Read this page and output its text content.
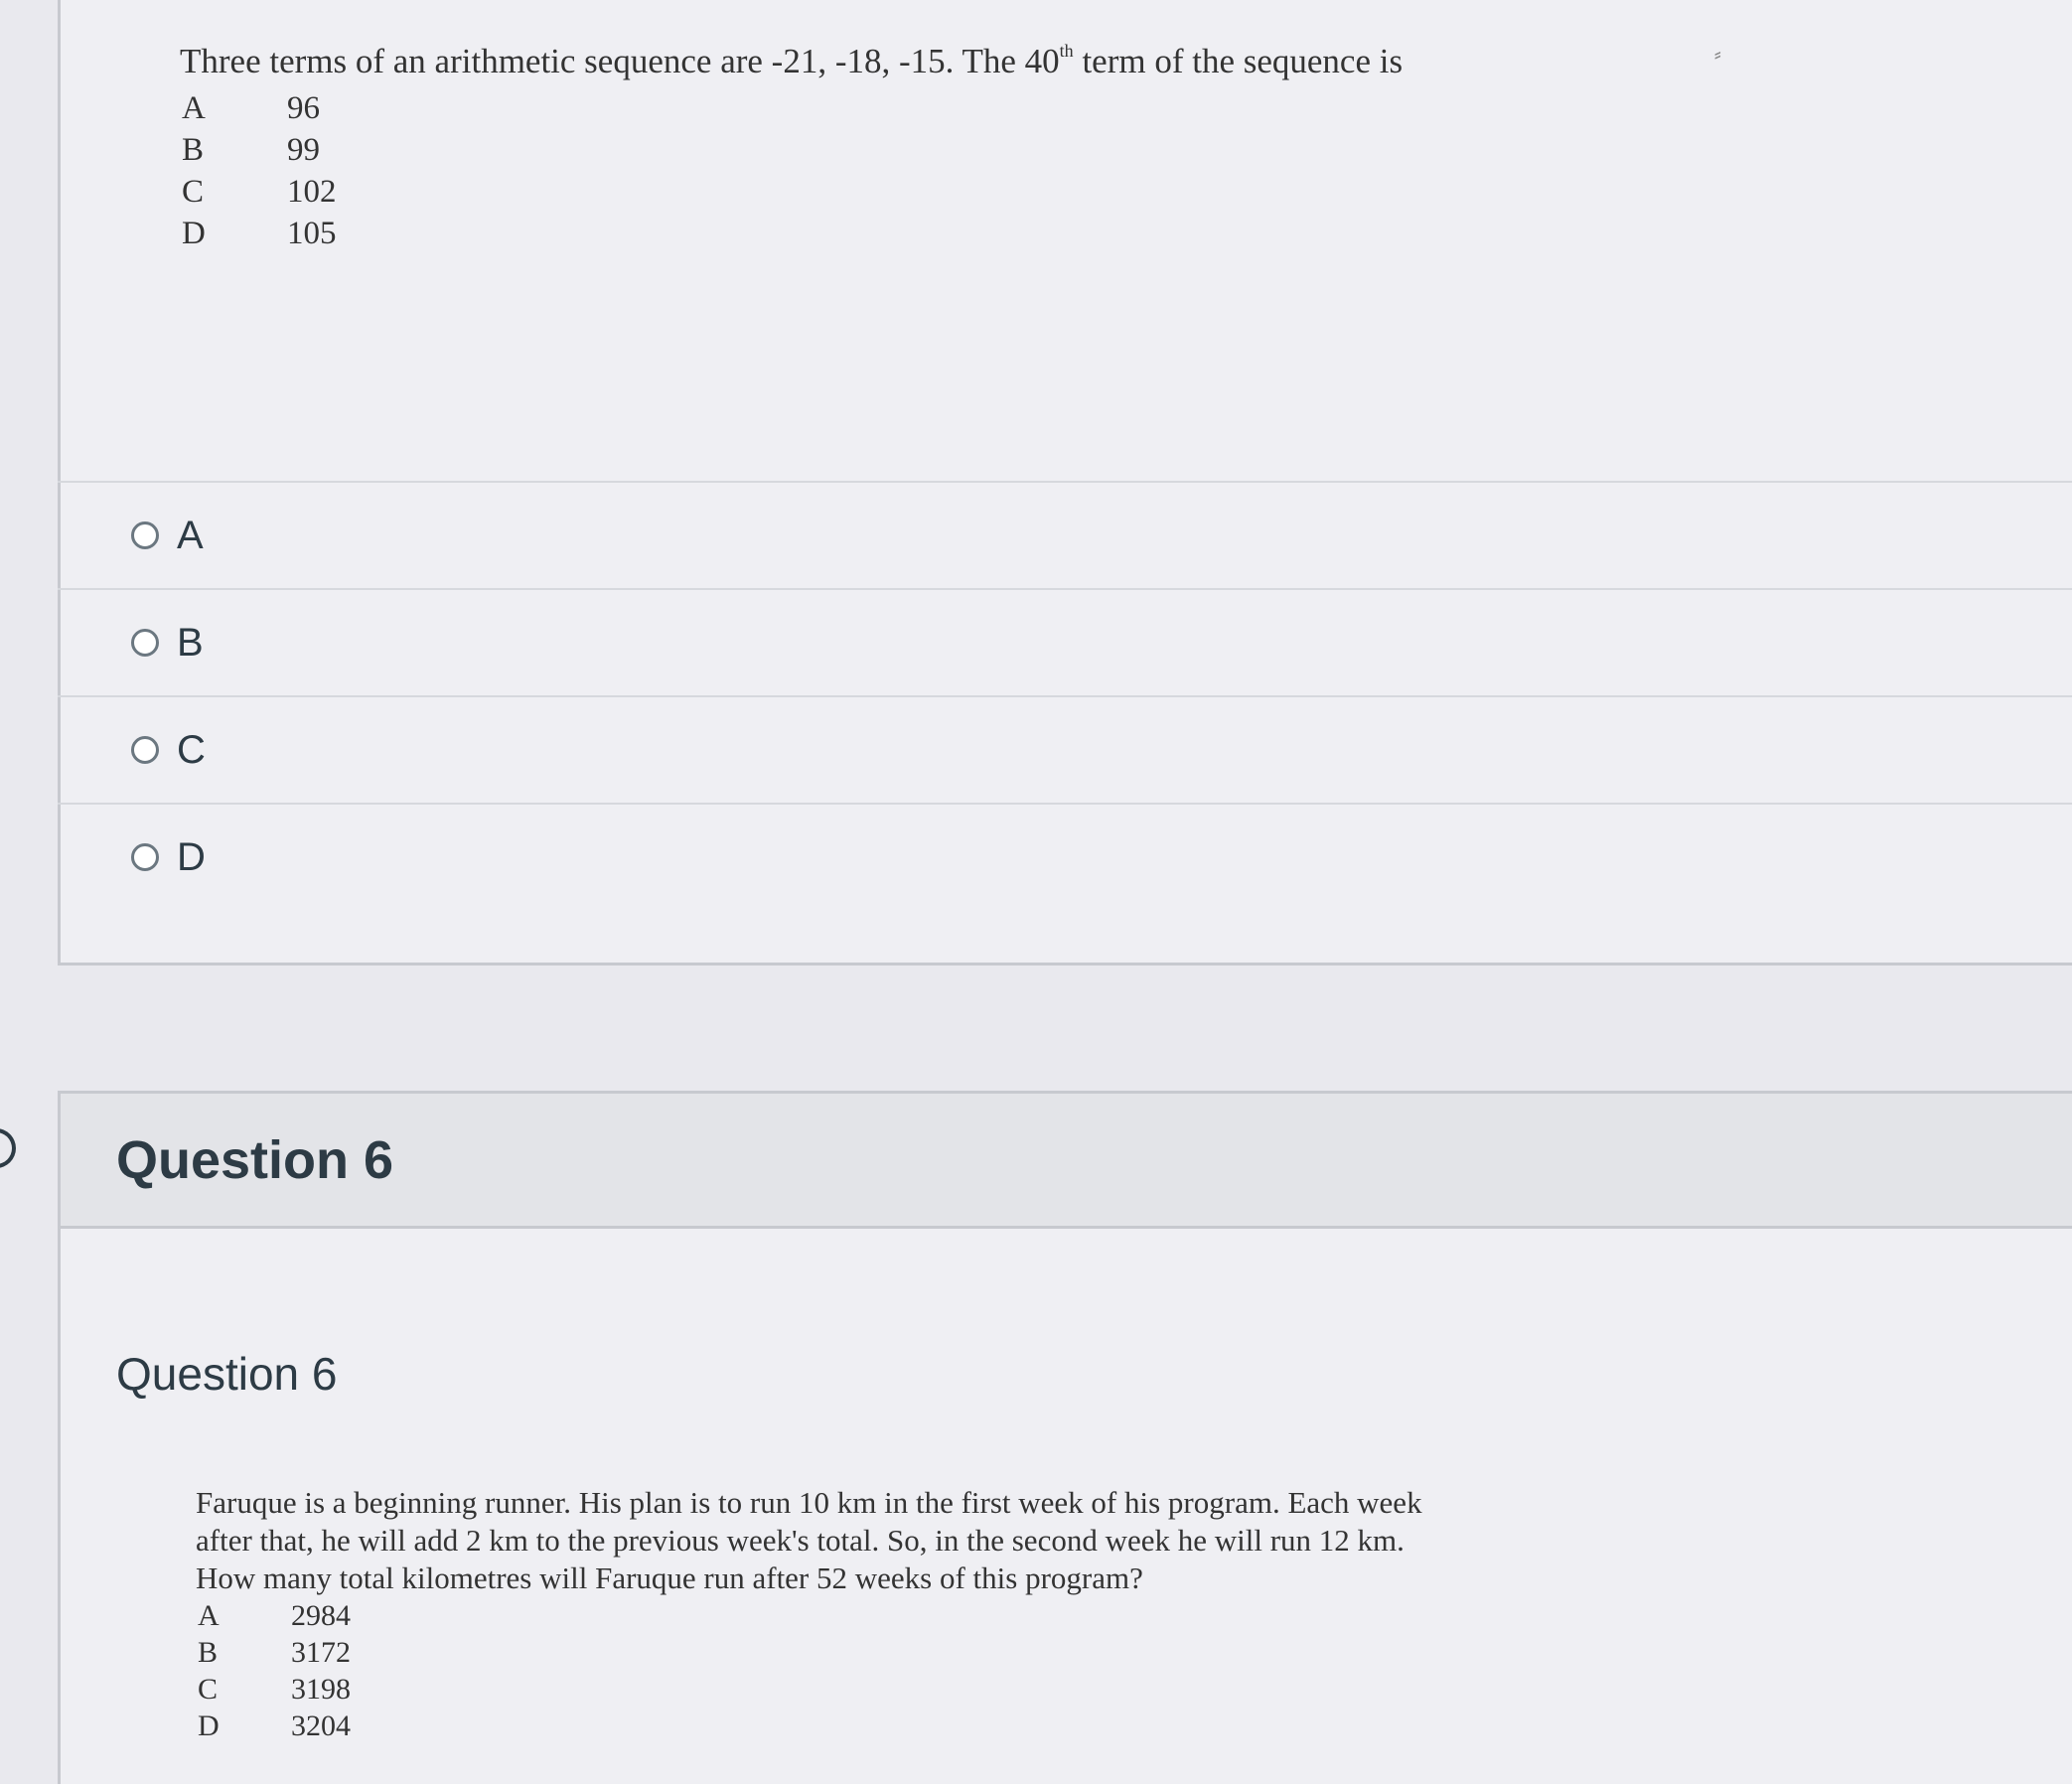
Three terms of an arithmetic sequence are -21, -18, -15. The 40th term of the sequence is
A	96
B	99
C	102
D	105
⸗
A
B
C
D
Question 6
Question 6
Faruque is a beginning runner. His plan is to run 10 km in the first week of his program. Each week
after that, he will add 2 km to the previous week's total. So, in the second week he will run 12 km.
How many total kilometres will Faruque run after 52 weeks of this program?
A	2984
B	3172
C	3198
D	3204
